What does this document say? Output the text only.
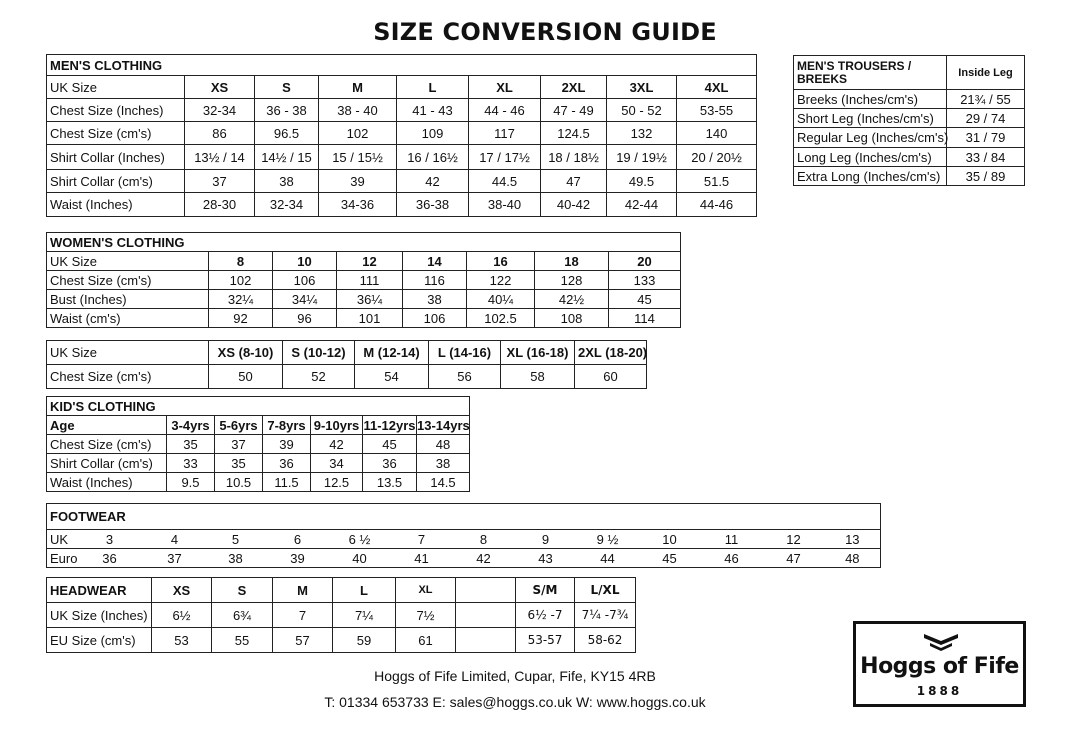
SIZE CONVERSION GUIDE
MEN'S CLOTHING								
UK Size	XS	S	M	L	XL	2XL	3XL	4XL
Chest Size (Inches)	32-34	36 - 38	38 - 40	41 - 43	44 - 46	47 - 49	50 - 52	53-55
Chest Size (cm's)	86	96.5	102	109	117	124.5	132	140
Shirt Collar (Inches)	13½ / 14	14½ / 15	15 / 15½	16 / 16½	17 / 17½	18 / 18½	19 / 19½	20 / 20½
Shirt Collar (cm's)	37	38	39	42	44.5	47	49.5	51.5
Waist (Inches)	28-30	32-34	34-36	36-38	38-40	40-42	42-44	44-46
MEN'S TROUSERS / BREEKS	Inside Leg
Breeks (Inches/cm's)	21¾ / 55
Short Leg (Inches/cm's)	29 / 74
Regular Leg (Inches/cm's)	31 / 79
Long Leg (Inches/cm's)	33 / 84
Extra Long (Inches/cm's)	35 / 89
WOMEN'S CLOTHING							
UK Size	8	10	12	14	16	18	20
Chest Size (cm's)	102	106	111	116	122	128	133
Bust (Inches)	32¼	34¼	36¼	38	40¼	42½	45
Waist (cm's)	92	96	101	106	102.5	108	114
UK Size	XS (8-10)	S (10-12)	M (12-14)	L (14-16)	XL (16-18)	2XL (18-20)
Chest Size (cm's)	50	52	54	56	58	60
KID'S CLOTHING						
Age	3-4yrs	5-6yrs	7-8yrs	9-10yrs	11-12yrs	13-14yrs
Chest Size (cm's)	35	37	39	42	45	48
Shirt Collar (cm's)	33	35	36	34	36	38
Waist (Inches)	9.5	10.5	11.5	12.5	13.5	14.5
FOOTWEAR													
UK	3	4	5	6	6 ½	7	8	9	9 ½	10	11	12	13
Euro	36	37	38	39	40	41	42	43	44	45	46	47	48
HEADWEAR	XS	S	M	L	XL		S/M	L/XL
UK Size (Inches)	6½	6¾	7	7¼	7½		6½ -7	7¼ -7¾
EU Size (cm's)	53	55	57	59	61		53-57	58-62
Hoggs of Fife Limited, Cupar, Fife, KY15 4RB
T: 01334 653733 E: sales@hoggs.co.uk W: www.hoggs.co.uk
Hoggs of Fife
1888
